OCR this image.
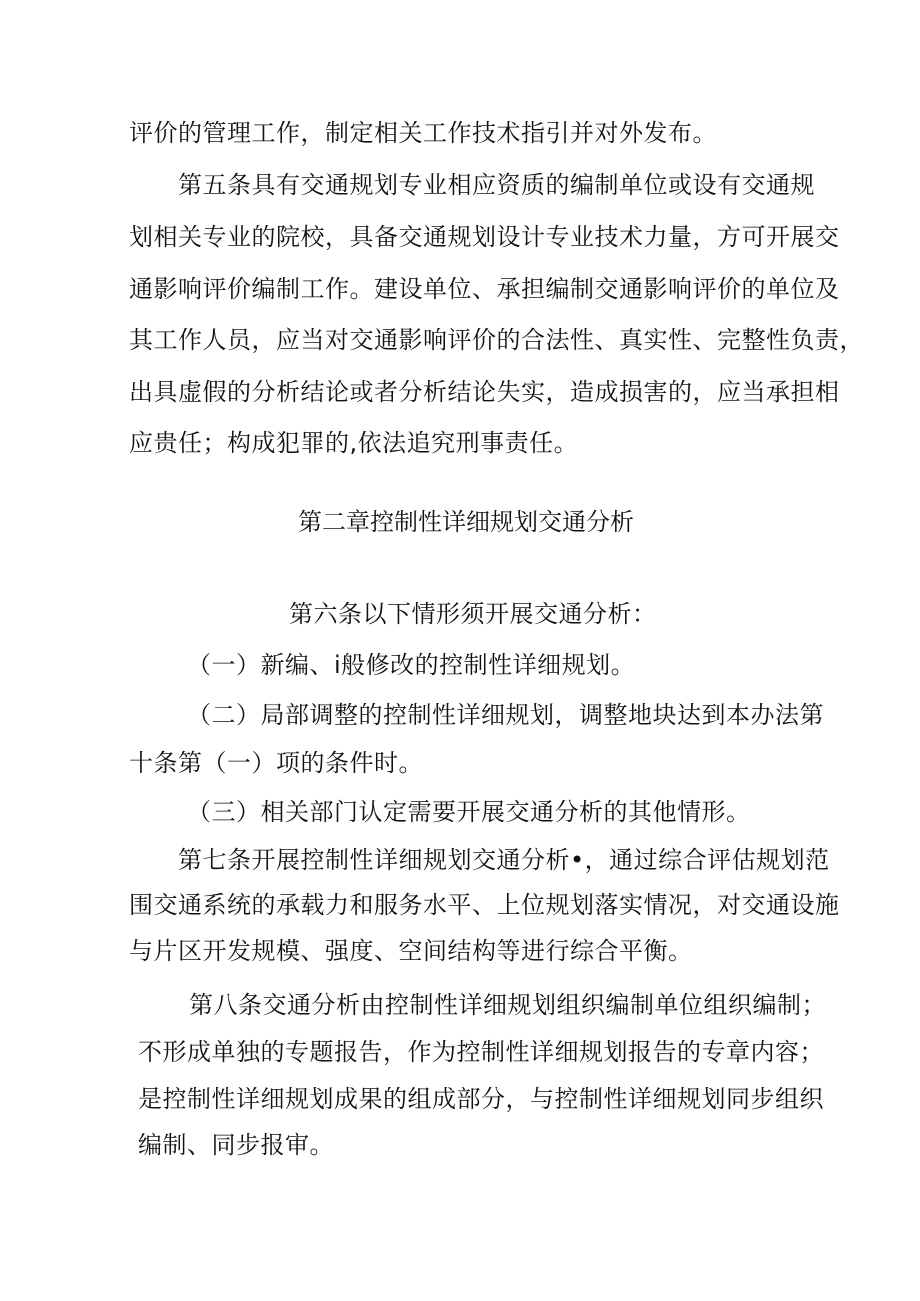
评价的管理工作，制定相关工作技术指引并对外发布。
第五条具有交通规划专业相应资质的编制单位或设有交通规
划相关专业的院校，具备交通规划设计专业技术力量，方可开展交
通影响评价编制工作。建设单位、承担编制交通影响评价的单位及
其工作人员，应当对交通影响评价的合法性、真实性、完整性负责，
出具虚假的分析结论或者分析结论失实，造成损害的，应当承担相
应贵任；构成犯罪的,依法追究刑事责任。
第二章控制性详细规划交通分析
第六条以下情形须开展交通分析：
（一）新编、i般修改的控制性详细规划。
（二）局部调整的控制性详细规划，调整地块达到本办法第
十条第（一）项的条件时。
（三）相关部门认定需要开展交通分析的其他情形。
第七条开展控制性详细规划交通分析•，通过综合评估规划范
围交通系统的承载力和服务水平、上位规划落实情况，对交通设施
与片区开发规模、强度、空间结构等进行综合平衡。
第八条交通分析由控制性详细规划组织编制单位组织编制；
不形成单独的专题报告，作为控制性详细规划报告的专章内容；
是控制性详细规划成果的组成部分，与控制性详细规划同步组织
编制、同步报审。
